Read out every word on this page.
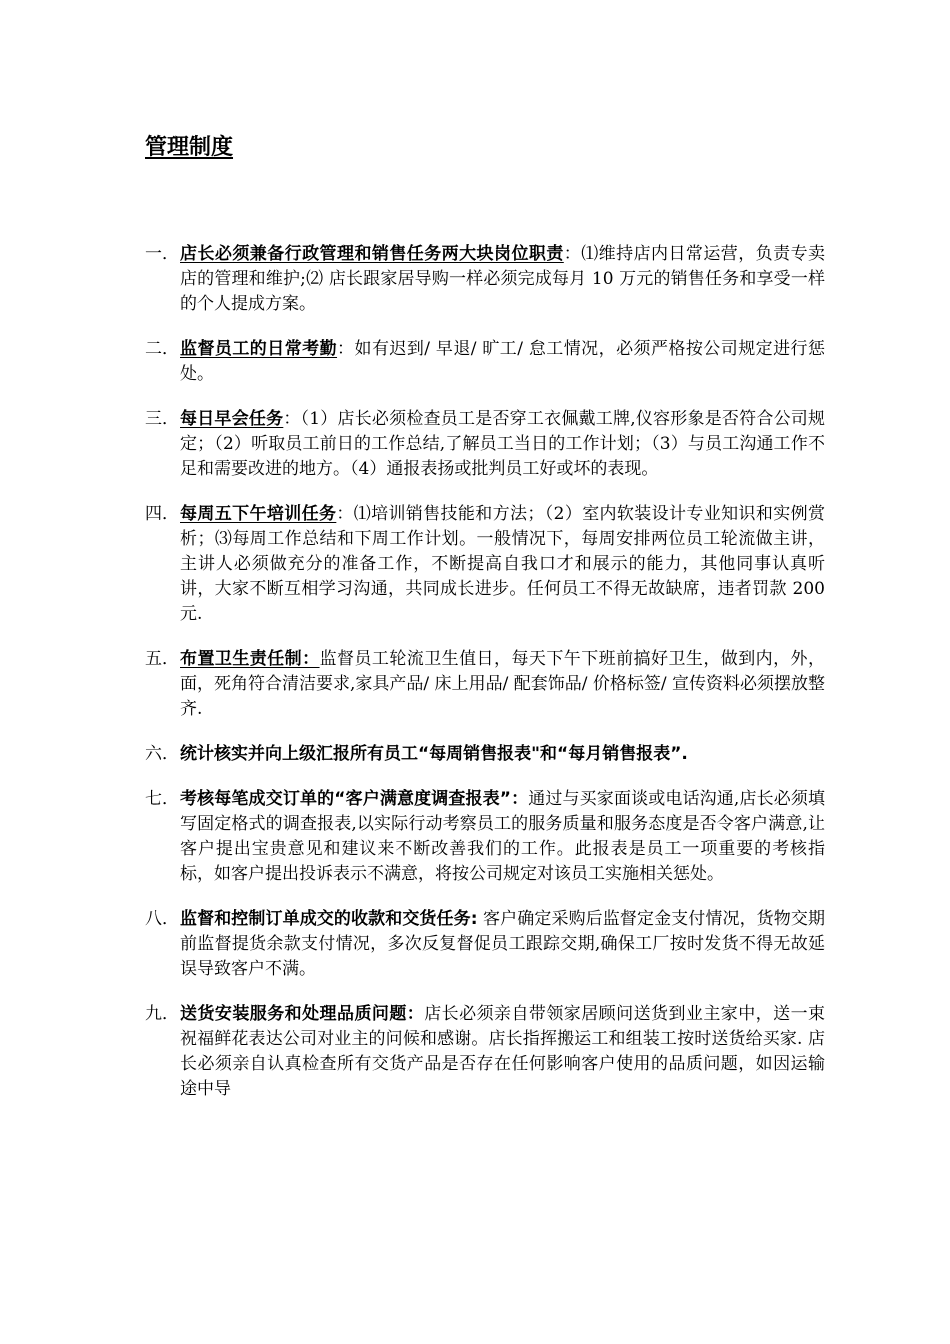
管理制度
一． 店长必须兼备行政管理和销售任务两大块岗位职责：⑴维持店内日常运营，负责专卖店的管理和维护;⑵ 店长跟家居导购一样必须完成每月 10 万元的销售任务和享受一样的个人提成方案。
二． 监督员工的日常考勤：如有迟到/ 早退/ 旷工/ 怠工情况，必须严格按公司规定进行惩处。
三． 每日早会任务：（1）店长必须检查员工是否穿工衣佩戴工牌,仪容形象是否符合公司规定；（2）听取员工前日的工作总结,了解员工当日的工作计划；（3）与员工沟通工作不足和需要改进的地方。（4）通报表扬或批判员工好或坏的表现。
四． 每周五下午培训任务：⑴培训销售技能和方法；（2）室内软装设计专业知识和实例赏析；⑶每周工作总结和下周工作计划。一般情况下，每周安排两位员工轮流做主讲，主讲人必须做充分的准备工作，不断提高自我口才和展示的能力，其他同事认真听讲，大家不断互相学习沟通，共同成长进步。任何员工不得无故缺席，违者罚款 200 元.
五． 布置卫生责任制：监督员工轮流卫生值日，每天下午下班前搞好卫生，做到内，外，面，死角符合清洁要求,家具产品/ 床上用品/ 配套饰品/ 价格标签/ 宣传资料必须摆放整齐.
六． 统计核实并向上级汇报所有员工“每周销售报表"和“每月销售报表”.
七． 考核每笔成交订单的“客户满意度调查报表”：通过与买家面谈或电话沟通,店长必须填写固定格式的调查报表,以实际行动考察员工的服务质量和服务态度是否令客户满意,让客户提出宝贵意见和建议来不断改善我们的工作。此报表是员工一项重要的考核指标，如客户提出投诉表示不满意，将按公司规定对该员工实施相关惩处。
八． 监督和控制订单成交的收款和交货任务: 客户确定采购后监督定金支付情况，货物交期前监督提货余款支付情况，多次反复督促员工跟踪交期,确保工厂按时发货不得无故延误导致客户不满。
九． 送货安装服务和处理品质问题：店长必须亲自带领家居顾问送货到业主家中，送一束祝福鲜花表达公司对业主的问候和感谢。店长指挥搬运工和组装工按时送货给买家. 店长必须亲自认真检查所有交货产品是否存在任何影响客户使用的品质问题，如因运输途中导
